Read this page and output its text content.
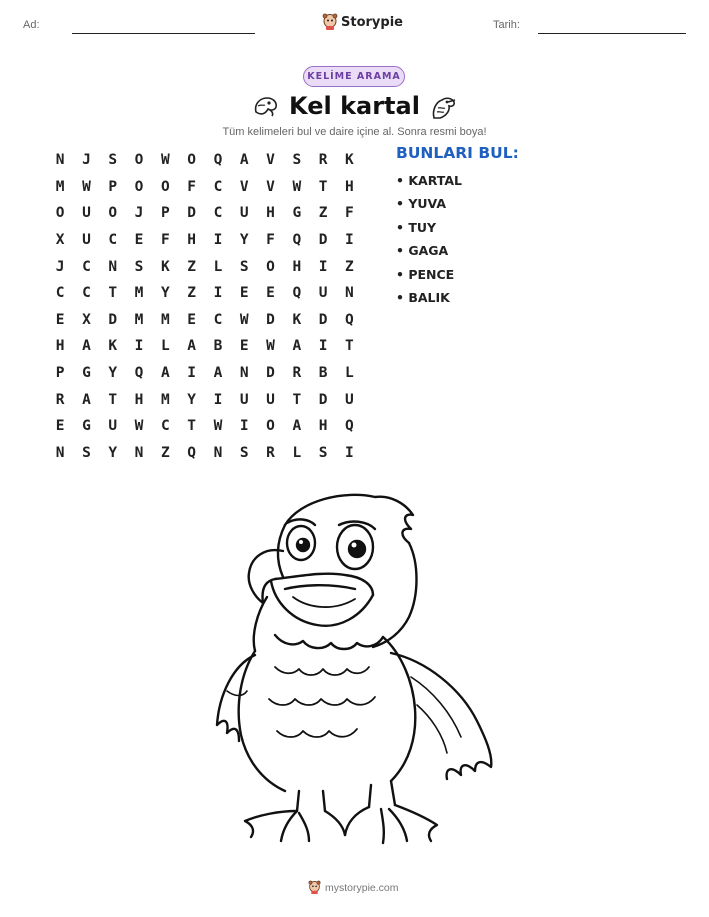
Ad:	Storypie	Tarih:
KELİME ARAMA
Kel kartal
Tüm kelimeleri bul ve daire içine al. Sonra resmi boya!
N	J	S	O	W	O	Q	A	V	S	R	K
M	W	P	O	O	F	C	V	V	W	T	H
O	U	O	J	P	D	C	U	H	G	Z	F
X	U	C	E	F	H	I	Y	F	Q	D	I
J	C	N	S	K	Z	L	S	O	H	I	Z
C	C	T	M	Y	Z	I	E	E	Q	U	N
E	X	D	M	M	E	C	W	D	K	D	Q
H	A	K	I	L	A	B	E	W	A	I	T
P	G	Y	Q	A	I	A	N	D	R	B	L
R	A	T	H	M	Y	I	U	U	T	D	U
E	G	U	W	C	T	W	I	O	A	H	Q
N	S	Y	N	Z	Q	N	S	R	L	S	I
BUNLARI BUL:
• KARTAL
• YUVA
• TUY
• GAGA
• PENCE
• BALIK
mystorypie.com
